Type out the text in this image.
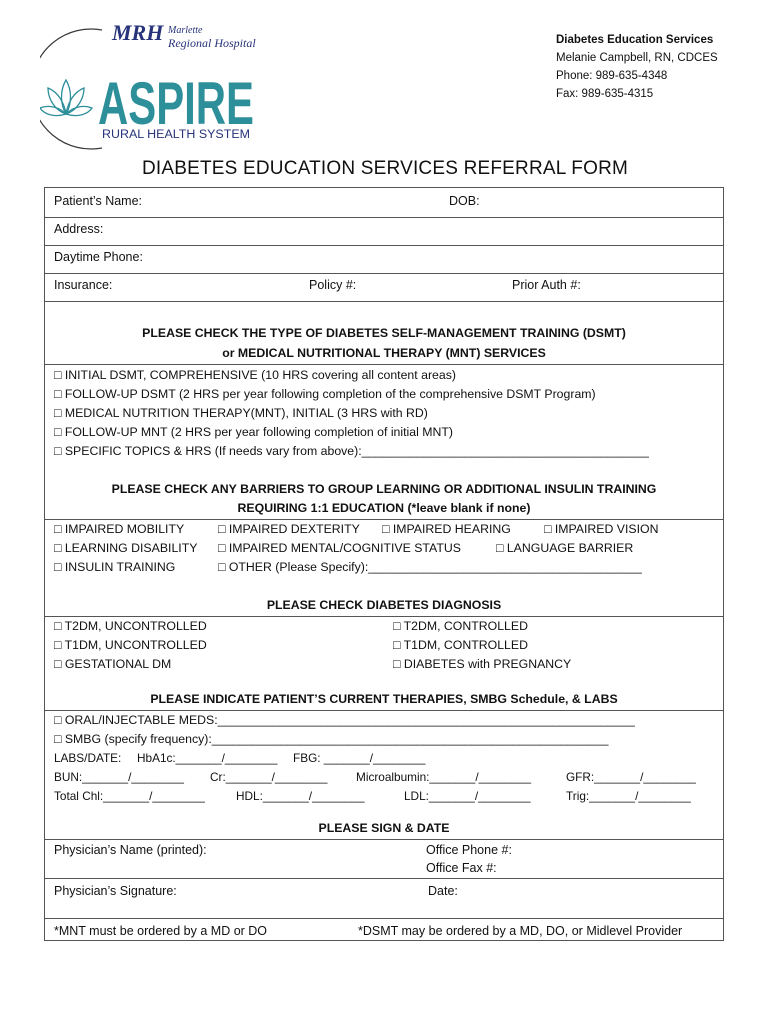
Diabetes Education Services
Melanie Campbell, RN, CDCES
Phone: 989-635-4348
Fax: 989-635-4315
MRH Marlette
Regional Hospital
ASPIRE
RURAL HEALTH SYSTEM
DIABETES EDUCATION SERVICES REFERRAL FORM
Patient’s Name:	DOB:
Address:
Daytime Phone:
Insurance:	Policy #:	Prior Auth #:
PLEASE CHECK THE TYPE OF DIABETES SELF-MANAGEMENT TRAINING (DSMT)
or MEDICAL NUTRITIONAL THERAPY (MNT) SERVICES
□ INITIAL DSMT, COMPREHENSIVE (10 HRS covering all content areas)
□ FOLLOW-UP DSMT (2 HRS per year following completion of the comprehensive DSMT Program)
□ MEDICAL NUTRITION THERAPY(MNT), INITIAL (3 HRS with RD)
□ FOLLOW-UP MNT (2 HRS per year following completion of initial MNT)
□ SPECIFIC TOPICS & HRS (If needs vary from above):__________________________________________
PLEASE CHECK ANY BARRIERS TO GROUP LEARNING OR ADDITIONAL INSULIN TRAINING
REQUIRING 1:1 EDUCATION (*leave blank if none)
□ IMPAIRED MOBILITY	□ IMPAIRED DEXTERITY □ IMPAIRED HEARING	□ IMPAIRED VISION
□ LEARNING DISABILITY □ IMPAIRED MENTAL/COGNITIVE STATUS	□ LANGUAGE BARRIER
□ INSULIN TRAINING	□ OTHER (Please Specify):________________________________________
PLEASE CHECK DIABETES DIAGNOSIS
□ T2DM, UNCONTROLLED	□ T2DM, CONTROLLED
□ T1DM, UNCONTROLLED	□ T1DM, CONTROLLED
□ GESTATIONAL DM	□ DIABETES with PREGNANCY
PLEASE INDICATE PATIENT’S CURRENT THERAPIES, SMBG Schedule, & LABS
□ ORAL/INJECTABLE MEDS:_____________________________________________________________
□ SMBG (specify frequency):__________________________________________________________
LABS/DATE: HbA1c:_______/________ FBG: _______/________
BUN:_______/________ Cr:_______/________ Microalbumin:_______/________	GFR:_______/________
Total Chl:_______/________	HDL:_______/________	LDL:_______/________	Trig:_______/________
PLEASE SIGN & DATE
Physician’s Name (printed):	Office Phone #:
Office Fax #:
Physician’s Signature:	Date:
*MNT must be ordered by a MD or DO	*DSMT may be ordered by a MD, DO, or Midlevel Provider
